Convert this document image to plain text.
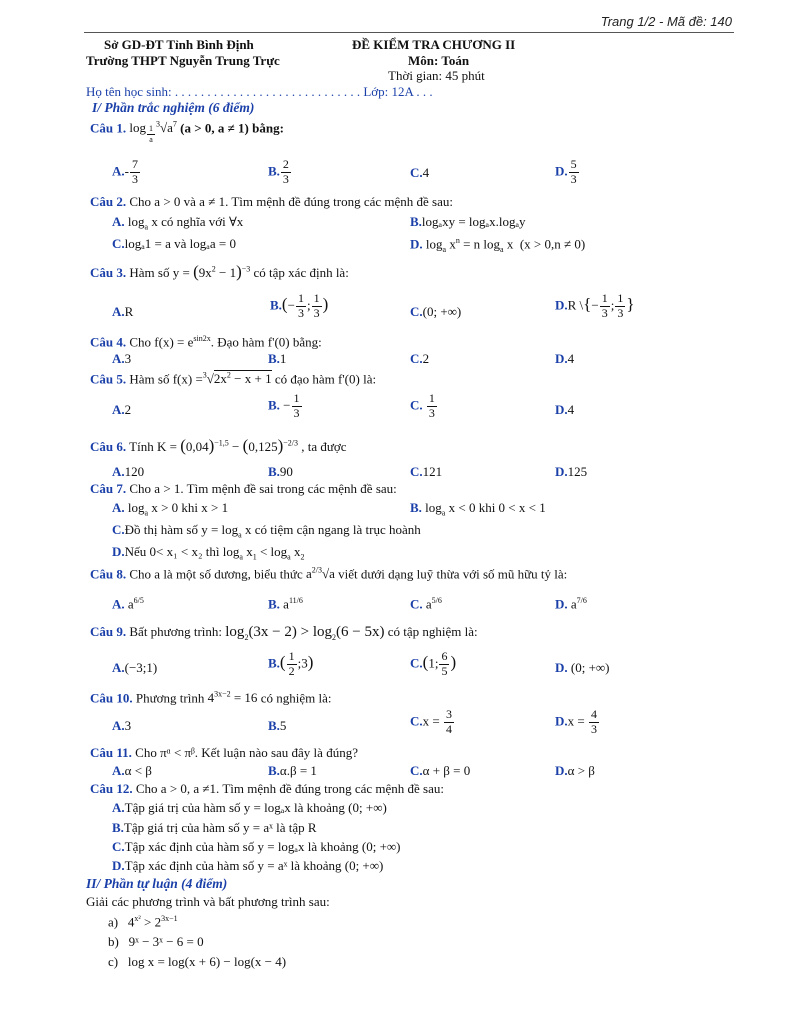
Trang 1/2 - Mã đề: 140
Sở GD-ĐT Tỉnh Bình Định
Trường THPT Nguyễn Trung Trực
ĐỀ KIỂM TRA CHƯƠNG II
Môn: Toán
Thời gian: 45 phút
Họ tên học sinh: . . . . . . . . . . . . . . . . . . . . . . . . . . . . . Lớp: 12A . . .
I/ Phần trắc nghiệm (6 điểm)
Câu 1. log $_{\frac{1}{a}}$ $^3√a^7$ (a > 0, a ≠ 1) bằng:
$A.- \frac{7}{3}$	B. $\frac{2}{3}$	C.4	D. $\frac{5}{3}$
Câu 2. Cho a > 0 và a ≠ 1. Tìm mệnh đề đúng trong các mệnh đề sau:
A. $\log_a x$ có nghĩa với ∀x	B.logₐxy = logₐx.logₐy
C.logₐ1 = a và logₐa = 0	D. $\log_a x^n = n$ $\log_a x$  (x > 0,n ≠ 0)
Câu 3. Hàm số $y = (9x^2 - 1)^{-3}$ có tập xác định là:
A.R	$B.(- \frac{1}{3}$ ; $\frac{1}{3}$ )	C.(0; +∞)	D.R \{− $\frac{1}{3}$ ; $\frac{1}{3}$ }
Câu 4. Cho $f(x) = e^{sin2x}$. Đạo hàm f'(0) bằng:
A.3	B.1	C.2	D.4
Câu 5. Hàm số $f(x) =^3√2x^2 - x + 1$ có đạo hàm f'(0) là:
A.2	B. − $\frac{1}{3}$	C. $\frac{1}{3}$	D.4
Câu 6. Tính $K = (0,04)^{-1,5} - (0,125)^{-2/3}$ , ta được
A.120	B.90	C.121	D.125
Câu 7. Cho a > 1. Tìm mệnh đề sai trong các mệnh đề sau:
A. $\log_a x > 0$ khi x > 1	B. $\log_a x < 0$ khi 0 < x < 1
C.Đồ thị hàm số $y = \log_a x$ có tiệm cận ngang là trục hoành
D.Nếu 0< x₁ < x₂ thì $\log_a x_1 < \log_a x_2$
Câu 8. Cho a là một số dương, biểu thức $a^{2/3}√a$ viết dưới dạng luỹ thừa với số mũ hữu tỷ là:
A. $a^{6/5}$	B. $a^{11/6}$	C. $a^{5/6}$	D. $a^{7/6}$
Câu 9. Bất phương trình: $\log_2(3x - 2) > \log_2(6 - 5x)$ có tập nghiệm là:
A.(−3;1)	$B.( \frac{1}{2}$ ;3)	C.(1; $\frac{6}{5}$ )	D. (0; +∞)
Câu 10. Phương trình $4^{3x-2} = 16$ có nghiệm là:
A.3	B.5	$C.x = \frac{3}{4}$	$D.x = \frac{4}{3}$
Câu 11. Cho πᵅ < πᵝ. Kết luận nào sau đây là đúng?
A.α < β	B.α.β = 1	C.α + β = 0	D.α > β
Câu 12. Cho a > 0, a ≠1. Tìm mệnh đề đúng trong các mệnh đề sau:
A.Tập giá trị của hàm số y = logₐx là khoảng (0; +∞)
B.Tập giá trị của hàm số y = aˣ là tập R
C.Tập xác định của hàm số y = logₐx là khoảng (0; +∞)
D.Tập xác định của hàm số y = aˣ là khoảng (0; +∞)
II/ Phần tự luận (4 điểm)
Giải các phương trình và bất phương trình sau:
a)   $4^{x^2} > 2^{3x-1}$
b) 9ˣ − 3ˣ − 6 = 0
c) log x = log(x + 6) − log(x − 4)
